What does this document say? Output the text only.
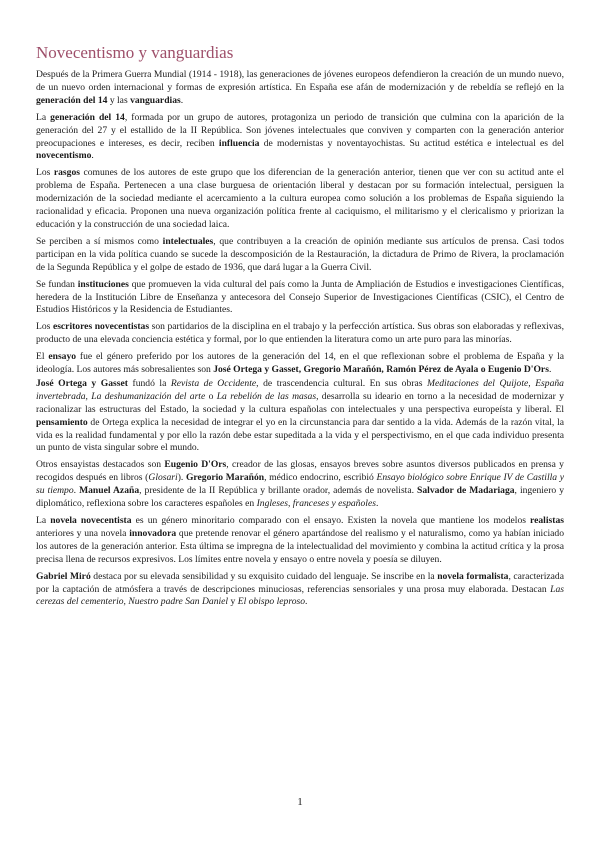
Novecentismo y vanguardias

Después de la Primera Guerra Mundial (1914 - 1918), las generaciones de jóvenes europeos defendieron la creación de un mundo nuevo, de un nuevo orden internacional y formas de expresión artística. En España ese afán de modernización y de rebeldía se reflejó en la generación del 14 y las vanguardias.

La generación del 14, formada por un grupo de autores, protagoniza un periodo de transición que culmina con la aparición de la generación del 27 y el estallido de la II República. Son jóvenes intelectuales que conviven y comparten con la generación anterior preocupaciones e intereses, es decir, reciben influencia de modernistas y noventayochistas. Su actitud estética e intelectual es del novecentismo.

Los rasgos comunes de los autores de este grupo que los diferencian de la generación anterior, tienen que ver con su actitud ante el problema de España. Pertenecen a una clase burguesa de orientación liberal y destacan por su formación intelectual, persiguen la modernización de la sociedad mediante el acercamiento a la cultura europea como solución a los problemas de España siguiendo la racionalidad y eficacia. Proponen una nueva organización política frente al caciquismo, el militarismo y el clericalismo y priorizan la educación y la construcción de una sociedad laica.

Se perciben a sí mismos como intelectuales, que contribuyen a la creación de opinión mediante sus artículos de prensa. Casi todos participan en la vida política cuando se sucede la descomposición de la Restauración, la dictadura de Primo de Rivera, la proclamación de la Segunda República y el golpe de estado de 1936, que dará lugar a la Guerra Civil.

Se fundan instituciones que promueven la vida cultural del país como la Junta de Ampliación de Estudios e investigaciones Científicas, heredera de la Institución Libre de Enseñanza y antecesora del Consejo Superior de Investigaciones Científicas (CSIC), el Centro de Estudios Históricos y la Residencia de Estudiantes.

Los escritores novecentistas son partidarios de la disciplina en el trabajo y la perfección artística. Sus obras son elaboradas y reflexivas, producto de una elevada conciencia estética y formal, por lo que entienden la literatura como un arte puro para las minorías.

El ensayo fue el género preferido por los autores de la generación del 14, en el que reflexionan sobre el problema de España y la ideología. Los autores más sobresalientes son José Ortega y Gasset, Gregorio Marañón, Ramón Pérez de Ayala o Eugenio D'Ors.

José Ortega y Gasset fundó la Revista de Occidente, de trascendencia cultural. En sus obras Meditaciones del Quijote, España invertebrada, La deshumanización del arte o La rebelión de las masas, desarrolla su ideario en torno a la necesidad de modernizar y racionalizar las estructuras del Estado, la sociedad y la cultura españolas con intelectuales y una perspectiva europeísta y liberal. El pensamiento de Ortega explica la necesidad de integrar el yo en la circunstancia para dar sentido a la vida. Además de la razón vital, la vida es la realidad fundamental y por ello la razón debe estar supeditada a la vida y el perspectivismo, en el que cada individuo presenta un punto de vista singular sobre el mundo.

Otros ensayistas destacados son Eugenio D'Ors, creador de las glosas, ensayos breves sobre asuntos diversos publicados en prensa y recogidos después en libros (Glosari). Gregorio Marañón, médico endocrino, escribió Ensayo biológico sobre Enrique IV de Castilla y su tiempo. Manuel Azaña, presidente de la II República y brillante orador, además de novelista. Salvador de Madariaga, ingeniero y diplomático, reflexiona sobre los caracteres españoles en Ingleses, franceses y españoles.

La novela novecentista es un género minoritario comparado con el ensayo. Existen la novela que mantiene los modelos realistas anteriores y una novela innovadora que pretende renovar el género apartándose del realismo y el naturalismo, como ya habían iniciado los autores de la generación anterior. Esta última se impregna de la intelectualidad del movimiento y combina la actitud crítica y la prosa precisa llena de recursos expresivos. Los límites entre novela y ensayo o entre novela y poesía se diluyen.

Gabriel Miró destaca por su elevada sensibilidad y su exquisito cuidado del lenguaje. Se inscribe en la novela formalista, caracterizada por la captación de atmósfera a través de descripciones minuciosas, referencias sensoriales y una prosa muy elaborada. Destacan Las cerezas del cementerio, Nuestro padre San Daniel y El obispo leproso.

1
